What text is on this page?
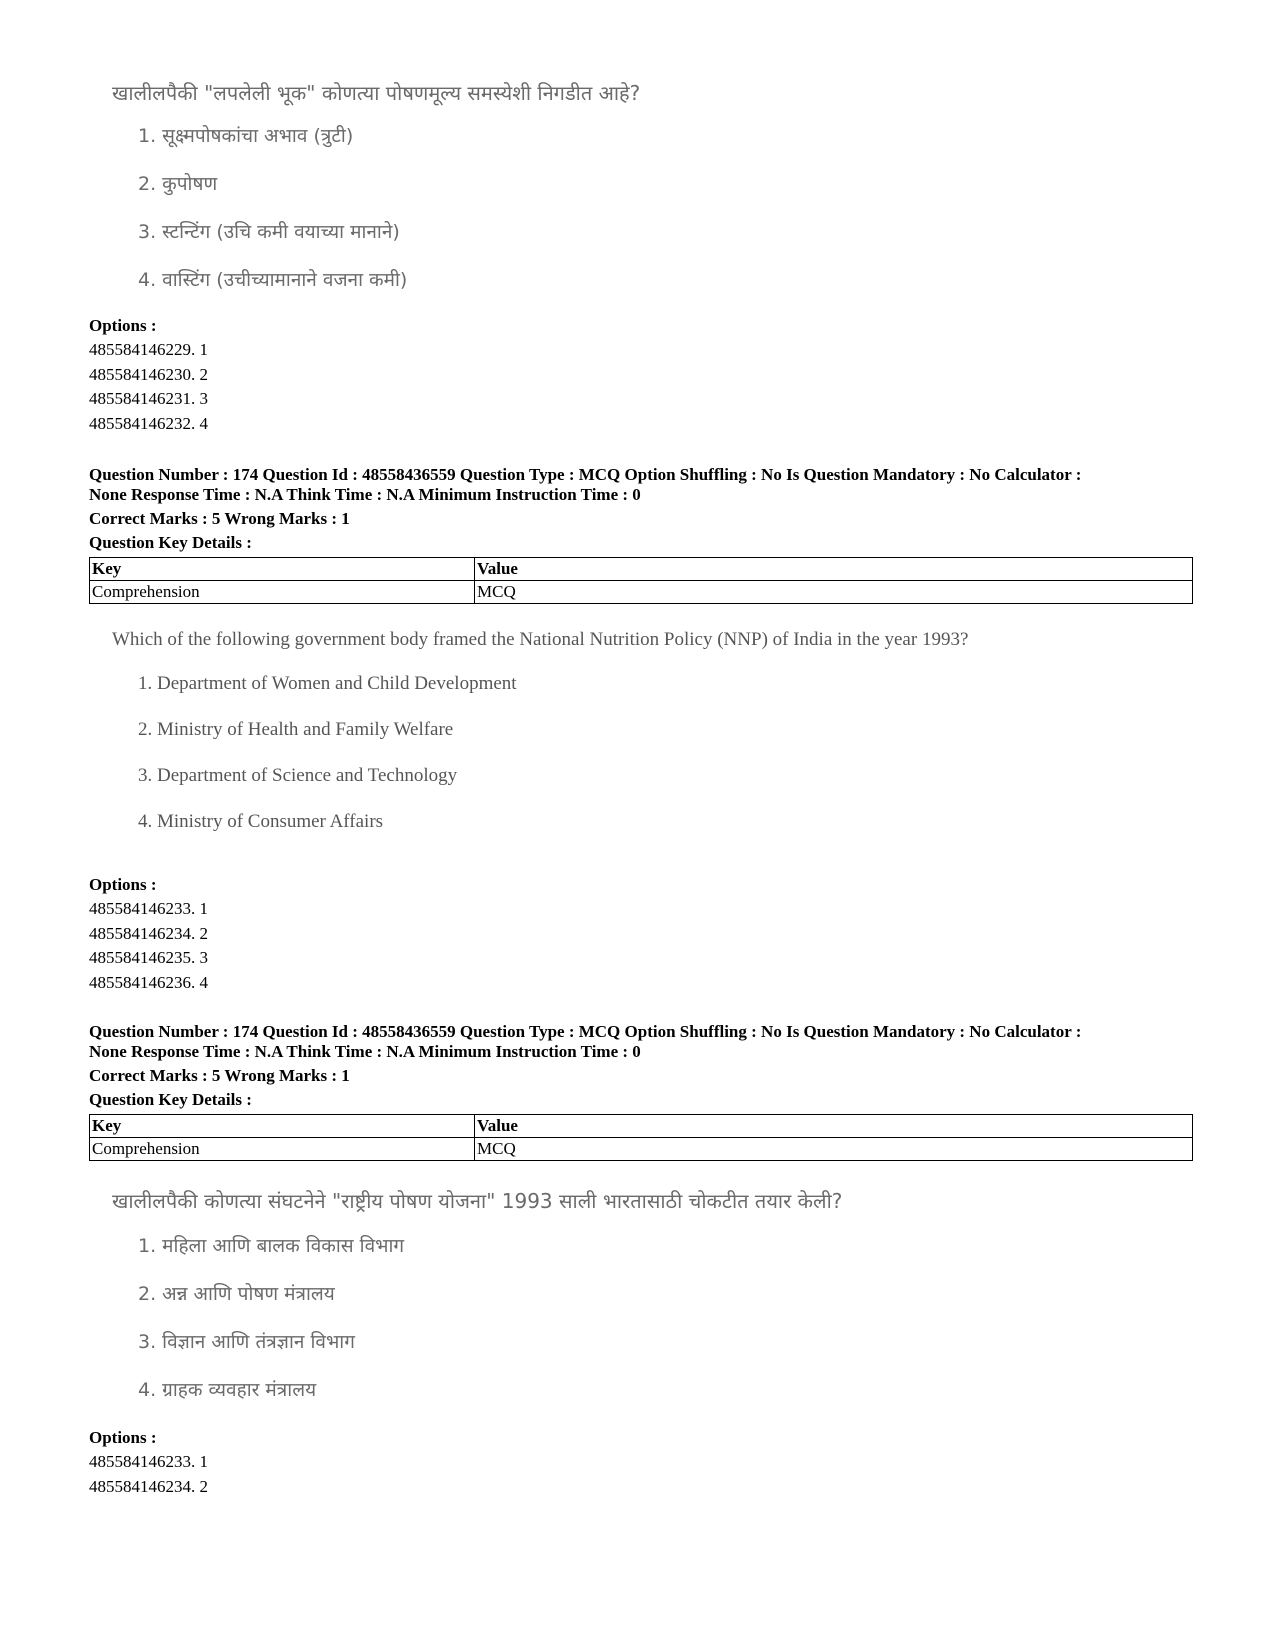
खालीलपैकी "लपलेली भूक" कोणत्या पोषणमूल्य समस्येशी निगडीत आहे?
1. सूक्ष्मपोषकांचा अभाव (त्रुटी)
2. कुपोषण
3. स्टन्टिंग (उचि कमी वयाच्या मानाने)
4. वास्टिंग (उचीच्यामानाने वजना कमी)
Options :
485584146229. 1
485584146230. 2
485584146231. 3
485584146232. 4
Question Number : 174 Question Id : 48558436559 Question Type : MCQ Option Shuffling : No Is Question Mandatory : No Calculator :
None Response Time : N.A Think Time : N.A Minimum Instruction Time : 0
Correct Marks : 5 Wrong Marks : 1
Question Key Details :
Key	Value
Comprehension	MCQ
Which of the following government body framed the National Nutrition Policy (NNP) of India in the year 1993?
1. Department of Women and Child Development
2. Ministry of Health and Family Welfare
3. Department of Science and Technology
4. Ministry of Consumer Affairs
Options :
485584146233. 1
485584146234. 2
485584146235. 3
485584146236. 4
Question Number : 174 Question Id : 48558436559 Question Type : MCQ Option Shuffling : No Is Question Mandatory : No Calculator :
None Response Time : N.A Think Time : N.A Minimum Instruction Time : 0
Correct Marks : 5 Wrong Marks : 1
Question Key Details :
Key	Value
Comprehension	MCQ
खालीलपैकी कोणत्या संघटनेने "राष्ट्रीय पोषण योजना" 1993 साली भारतासाठी चोकटीत तयार केली?
1. महिला आणि बालक विकास विभाग
2. अन्न आणि पोषण मंत्रालय
3. विज्ञान आणि तंत्रज्ञान विभाग
4. ग्राहक व्यवहार मंत्रालय
Options :
485584146233. 1
485584146234. 2
